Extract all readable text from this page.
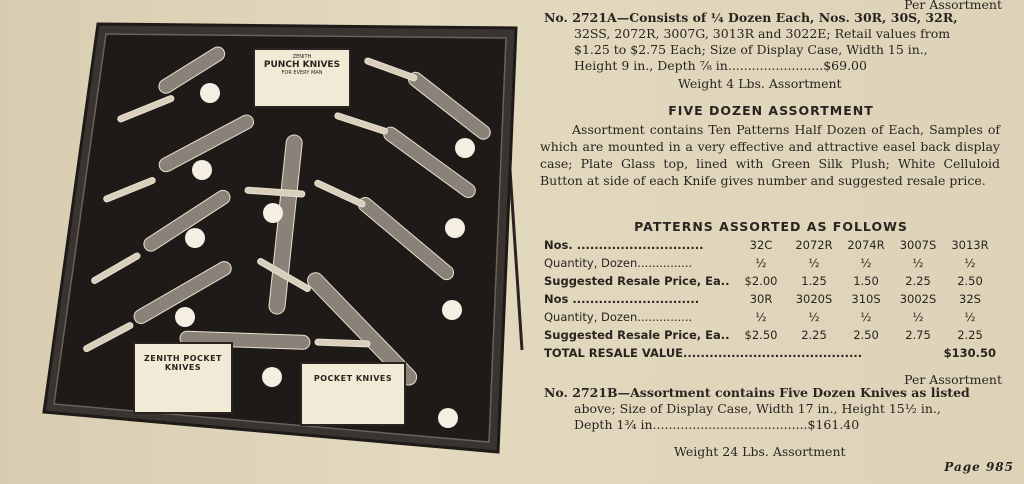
ZENITH
PUNCH KNIVES
FOR EVERY MAN
ZENITH POCKET KNIVES
POCKET KNIVES
Per Assortment
No. 2721A—Consists of ¼ Dozen Each, Nos. 30R, 30S, 32R,
32SS, 2072R, 3007G, 3013R and 3022E; Retail values from
$1.25 to $2.75 Each; Size of Display Case, Width 15 in.,
Height 9 in., Depth ⅞ in........................$69.00
Weight 4 Lbs. Assortment
FIVE DOZEN ASSORTMENT
Assortment contains Ten Patterns Half Dozen of Each, Samples of which are mounted in a very effective and attractive easel back display case; Plate Glass top, lined with Green Silk Plush; White Celluloid Button at side of each Knife gives number and suggested resale price.
PATTERNS ASSORTED AS FOLLOWS
Nos. .............................	32C	2072R	2074R	3007S	3013R
Quantity, Dozen...............	½	½	½	½	½
Suggested Resale Price, Ea..	$2.00	1.25	1.50	2.25	2.50
Nos .............................	30R	3020S	310S	3002S	32S
Quantity, Dozen...............	½	½	½	½	½
Suggested Resale Price, Ea..	$2.50	2.25	2.50	2.75	2.25
TOTAL RESALE VALUE.........................................	$130.50
Per Assortment
No. 2721B—Assortment contains Five Dozen Knives as listed
above; Size of Display Case, Width 17 in., Height 15½ in.,
Depth 1¾ in.......................................$161.40
Weight 24 Lbs. Assortment
Page 985
